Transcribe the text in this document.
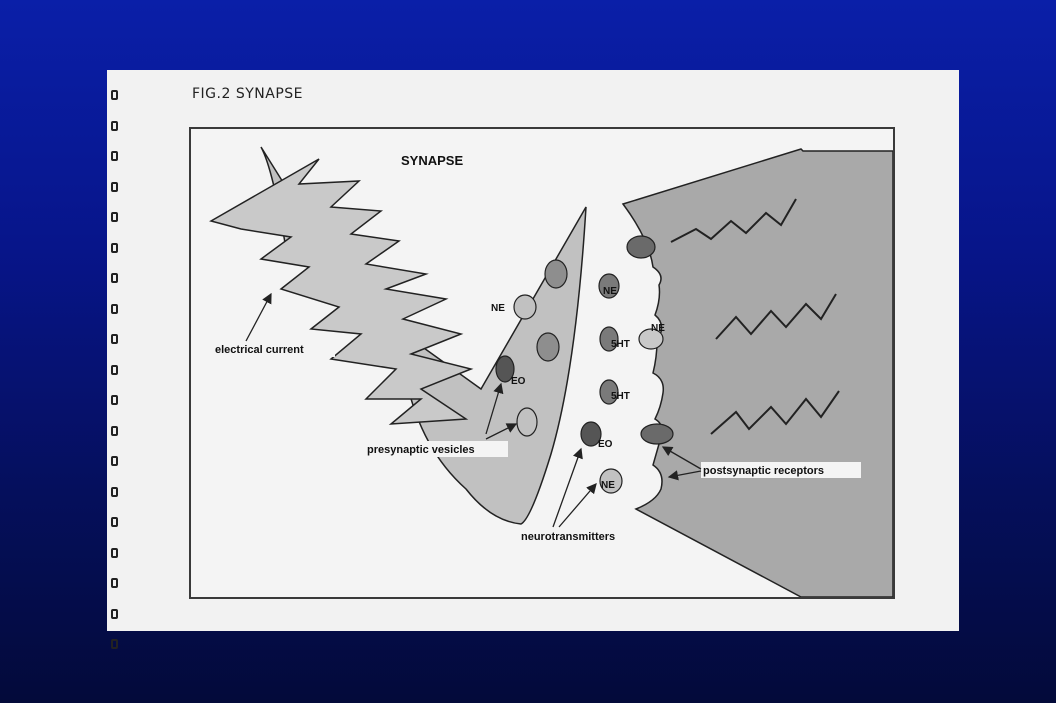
FIG.2 SYNAPSE
SYNAPSE
NE
EO
NE
5HT
5HT
EO
NE
NE
electrical current
presynaptic vesicles
neurotransmitters
postsynaptic receptors
